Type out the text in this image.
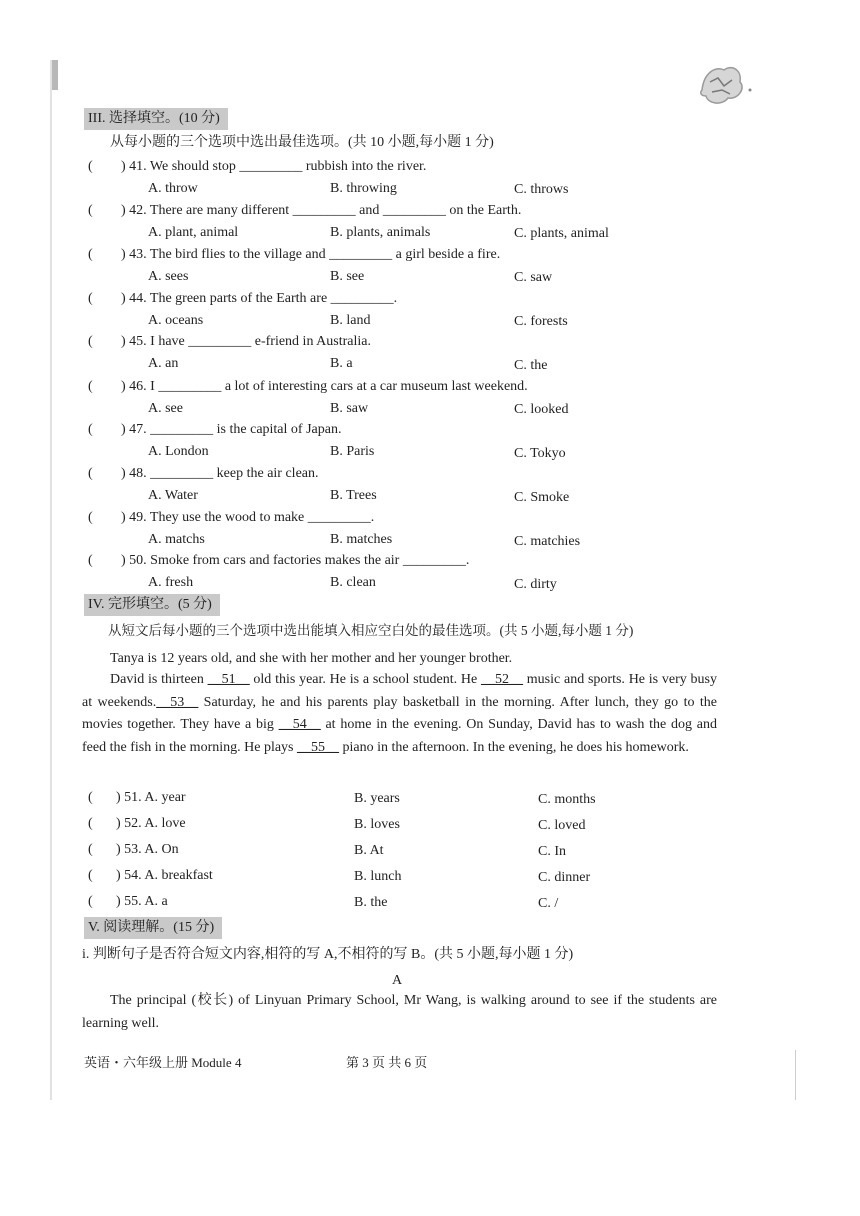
III. 选择填空。(10 分)
从每小题的三个选项中选出最佳选项。(共 10 小题,每小题 1 分)
( ) 41. We should stop _________ rubbish into the river.
A. throw	B. throwing	C. throws
( ) 42. There are many different _________ and _________ on the Earth.
A. plant, animal	B. plants, animals	C. plants, animal
( ) 43. The bird flies to the village and _________ a girl beside a fire.
A. sees	B. see	C. saw
( ) 44. The green parts of the Earth are _________.
A. oceans	B. land	C. forests
( ) 45. I have _________ e-friend in Australia.
A. an	B. a	C. the
( ) 46. I _________ a lot of interesting cars at a car museum last weekend.
A. see	B. saw	C. looked
( ) 47. _________ is the capital of Japan.
A. London	B. Paris	C. Tokyo
( ) 48. _________ keep the air clean.
A. Water	B. Trees	C. Smoke
( ) 49. They use the wood to make _________.
A. matchs	B. matches	C. matchies
( ) 50. Smoke from cars and factories makes the air _________.
A. fresh	B. clean	C. dirty
IV. 完形填空。(5 分)
从短文后每小题的三个选项中选出能填入相应空白处的最佳选项。(共 5 小题,每小题 1 分)
Tanya is 12 years old, and she with her mother and her younger brother.
David is thirteen __51__ old this year. He is a school student. He __52__ music and sports. He is very busy at weekends.__53__ Saturday, he and his parents play basketball in the morning. After lunch, they go to the movies together. They have a big __54__ at home in the evening. On Sunday, David has to wash the dog and feed the fish in the morning. He plays __55__ piano in the afternoon. In the evening, he does his homework.
( ) 51. A. year	B. years	C. months
( ) 52. A. love	B. loves	C. loved
( ) 53. A. On	B. At	C. In
( ) 54. A. breakfast	B. lunch	C. dinner
( ) 55. A. a	B. the	C. /
V. 阅读理解。(15 分)
i. 判断句子是否符合短文内容,相符的写 A,不相符的写 B。(共 5 小题,每小题 1 分)
A
The principal (校长) of Linyuan Primary School, Mr Wang, is walking around to see if the students are learning well.
英语・六年级上册 Module 4	第 3 页 共 6 页
